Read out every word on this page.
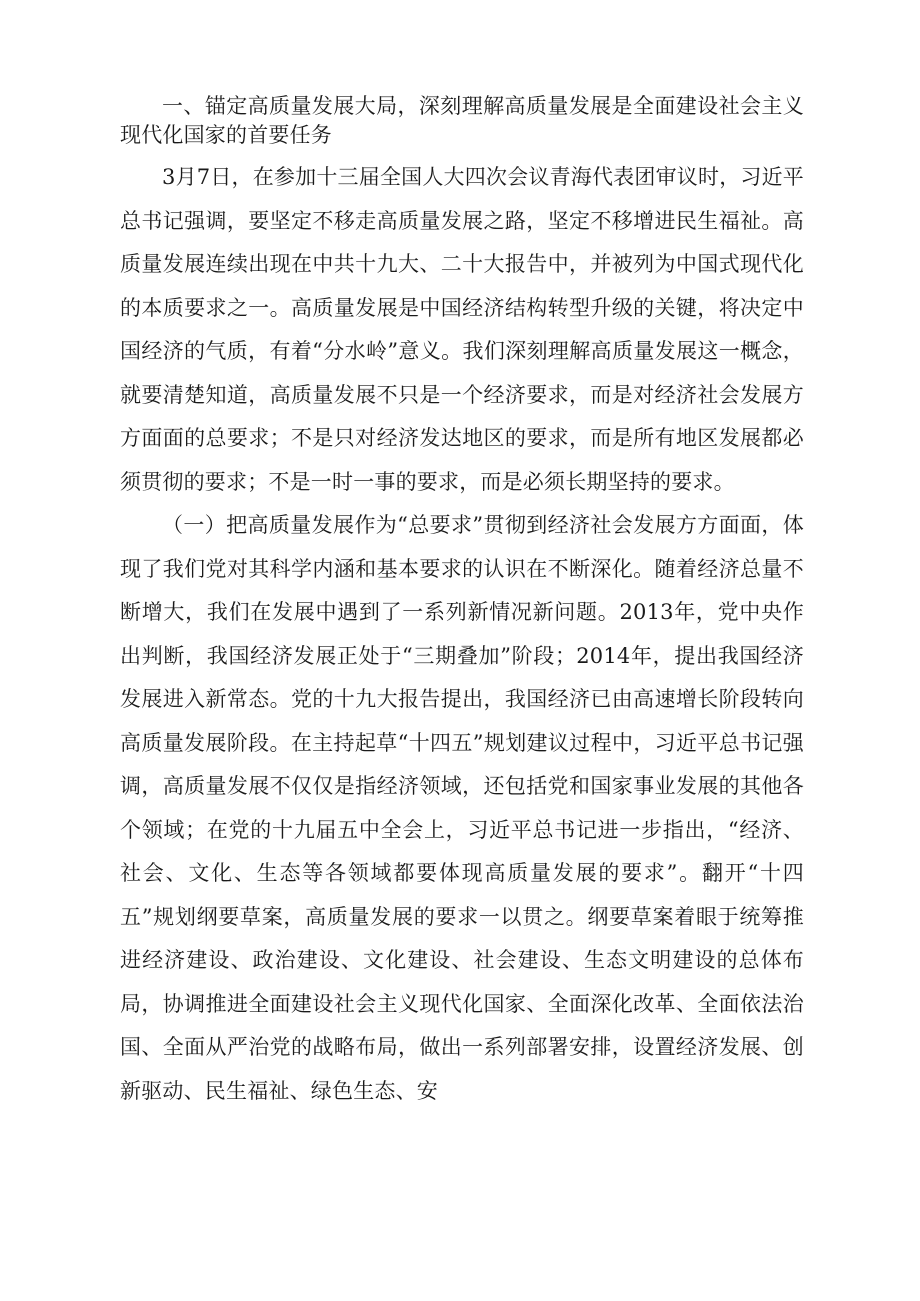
一、锚定高质量发展大局，深刻理解高质量发展是全面建设社会主义现代化国家的首要任务

3月7日，在参加十三届全国人大四次会议青海代表团审议时，习近平总书记强调，要坚定不移走高质量发展之路，坚定不移增进民生福祉。高质量发展连续出现在中共十九大、二十大报告中，并被列为中国式现代化的本质要求之一。高质量发展是中国经济结构转型升级的关键，将决定中国经济的气质，有着“分水岭”意义。我们深刻理解高质量发展这一概念，就要清楚知道，高质量发展不只是一个经济要求，而是对经济社会发展方方面面的总要求；不是只对经济发达地区的要求，而是所有地区发展都必须贯彻的要求；不是一时一事的要求，而是必须长期坚持的要求。

（一）把高质量发展作为“总要求”贯彻到经济社会发展方方面面，体现了我们党对其科学内涵和基本要求的认识在不断深化。随着经济总量不断增大，我们在发展中遇到了一系列新情况新问题。2013年，党中央作出判断，我国经济发展正处于“三期叠加”阶段；2014年，提出我国经济发展进入新常态。党的十九大报告提出，我国经济已由高速增长阶段转向高质量发展阶段。在主持起草“十四五”规划建议过程中，习近平总书记强调，高质量发展不仅仅是指经济领域，还包括党和国家事业发展的其他各个领域；在党的十九届五中全会上，习近平总书记进一步指出，“经济、社会、文化、生态等各领域都要体现高质量发展的要求”。翻开“十四五”规划纲要草案，高质量发展的要求一以贯之。纲要草案着眼于统筹推进经济建设、政治建设、文化建设、社会建设、生态文明建设的总体布局，协调推进全面建设社会主义现代化国家、全面深化改革、全面依法治国、全面从严治党的战略布局，做出一系列部署安排，设置经济发展、创新驱动、民生福祉、绿色生态、安
